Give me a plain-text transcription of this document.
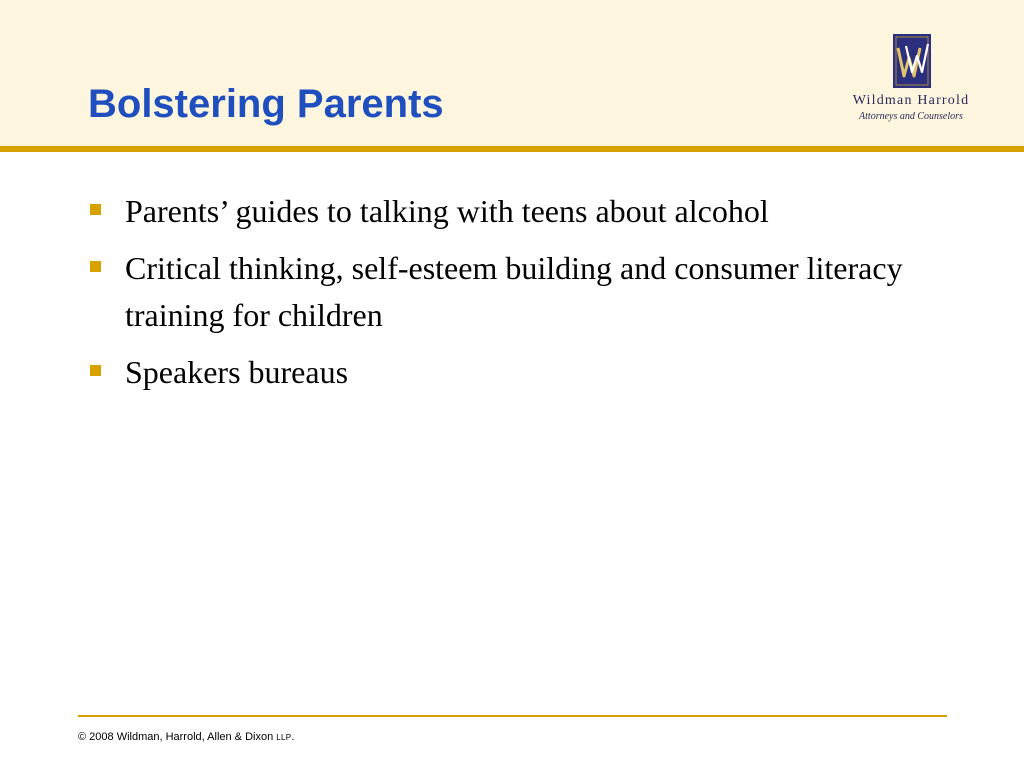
Bolstering Parents	Wildman Harrold
Attorneys and Counselors
Parents’ guides to talking with teens about alcohol
Critical thinking, self-esteem building and consumer literacy training for children
Speakers bureaus
© 2008 Wildman, Harrold, Allen & Dixon LLP.
